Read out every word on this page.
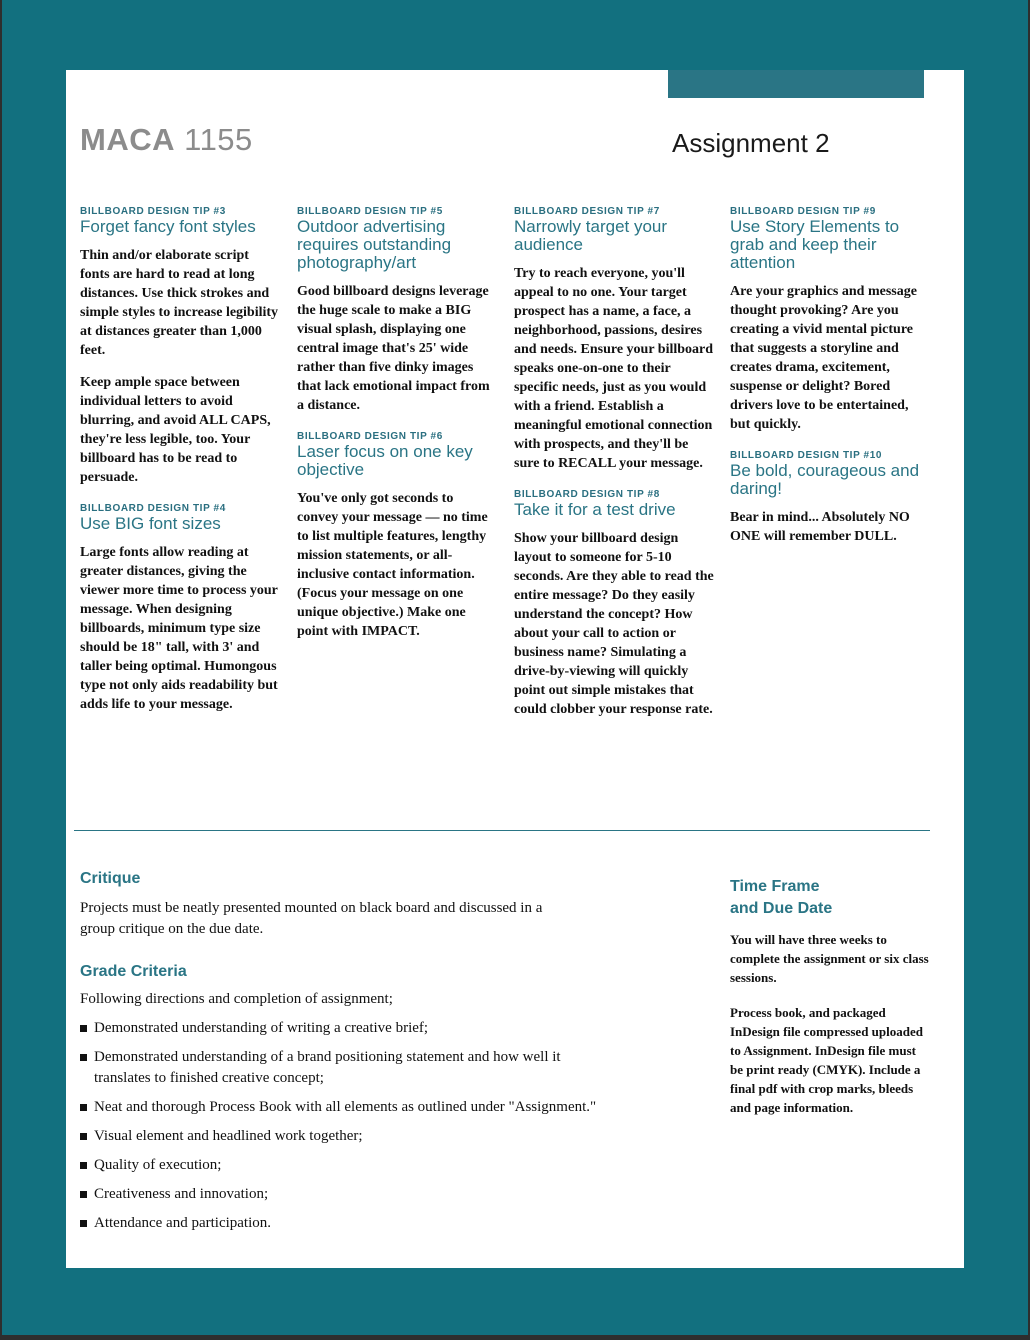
MACA 1155	Assignment 2
BILLBOARD DESIGN TIP #3
Forget fancy font styles

Thin and/or elaborate script fonts are hard to read at long distances. Use thick strokes and simple styles to increase legibility at distances greater than 1,000 feet.

Keep ample space between individual letters to avoid blurring, and avoid ALL CAPS, they're less legible, too. Your billboard has to be read to persuade.

BILLBOARD DESIGN TIP #4
Use BIG font sizes

Large fonts allow reading at greater distances, giving the viewer more time to process your message. When designing billboards, minimum type size should be 18" tall, with 3' and taller being optimal. Humongous type not only aids readability but adds life to your message.

BILLBOARD DESIGN TIP #5
Outdoor advertising requires outstanding photography/art

Good billboard designs leverage the huge scale to make a BIG visual splash, displaying one central image that's 25' wide rather than five dinky images that lack emotional impact from a distance.

BILLBOARD DESIGN TIP #6
Laser focus on one key objective

You've only got seconds to convey your message — no time to list multiple features, lengthy mission statements, or all-inclusive contact information. (Focus your message on one unique objective.) Make one point with IMPACT.

BILLBOARD DESIGN TIP #7
Narrowly target your audience

Try to reach everyone, you'll appeal to no one. Your target prospect has a name, a face, a neighborhood, passions, desires and needs. Ensure your billboard speaks one-on-one to their specific needs, just as you would with a friend. Establish a meaningful emotional connection with prospects, and they'll be sure to RECALL your message.

BILLBOARD DESIGN TIP #8
Take it for a test drive

Show your billboard design layout to someone for 5-10 seconds. Are they able to read the entire message? Do they easily understand the concept? How about your call to action or business name? Simulating a drive-by-viewing will quickly point out simple mistakes that could clobber your response rate.

BILLBOARD DESIGN TIP #9
Use Story Elements to grab and keep their attention

Are your graphics and message thought provoking? Are you creating a vivid mental picture that suggests a storyline and creates drama, excitement, suspense or delight? Bored drivers love to be entertained, but quickly.

BILLBOARD DESIGN TIP #10
Be bold, courageous and daring!

Bear in mind... Absolutely NO ONE will remember DULL.

Critique
Projects must be neatly presented mounted on black board and discussed in a group critique on the due date.
Grade Criteria
Following directions and completion of assignment;
Demonstrated understanding of writing a creative brief;
Demonstrated understanding of a brand positioning statement and how well it translates to finished creative concept;
Neat and thorough Process Book with all elements as outlined under "Assignment."
Visual element and headlined work together;
Quality of execution;
Creativeness and innovation;
Attendance and participation.
Time Frame
and Due Date

You will have three weeks to complete the assignment or six class sessions.

Process book, and packaged InDesign file compressed uploaded to Assignment. InDesign file must be print ready (CMYK). Include a final pdf with crop marks, bleeds and page information.
